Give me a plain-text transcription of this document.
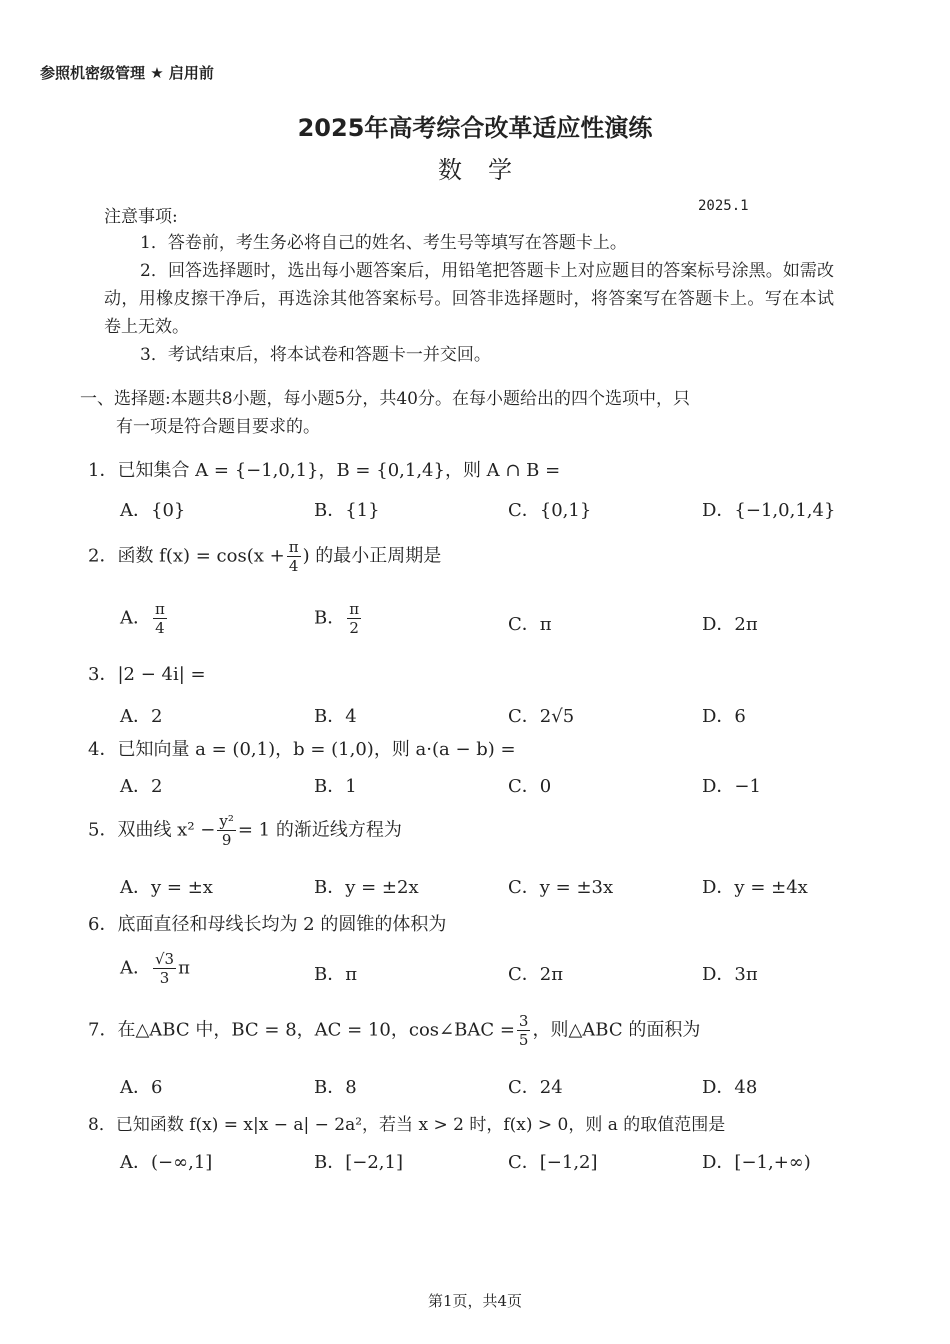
参照机密级管理 ★ 启用前
2025年高考综合改革适应性演练
数学
2025.1
注意事项:
1．答卷前，考生务必将自己的姓名、考生号等填写在答题卡上。
2．回答选择题时，选出每小题答案后，用铅笔把答题卡上对应题目的答案标号涂黑。如需改动，用橡皮擦干净后，再选涂其他答案标号。回答非选择题时，将答案写在答题卡上。写在本试卷上无效。
3．考试结束后，将本试卷和答题卡一并交回。
一、选择题:本题共8小题，每小题5分，共40分。在每小题给出的四个选项中，只
有一项是符合题目要求的。
1．已知集合 A = {−1,0,1}，B = {0,1,4}，则 A ∩ B =
A．{0}	B．{1}	C．{0,1}	D．{−1,0,1,4}
2．函数 $f(x) = \cos(x + \frac{\pi}{4}$ ) 的最小正周期是
A． $\frac{\pi}{4}$	B． $\frac{\pi}{2}$	C．π	D．2π
3．|2 − 4i| =
A．2	B．4	C．2√5	D．6
4．已知向量 a = (0,1)，b = (1,0)，则 a·(a − b) =
A．2	B．1	C．0	D．−1
5．双曲线 $x^2 - \frac{\text{y²}}{9} = 1$ 的渐近线方程为
A．y = ±x	B．y = ±2x	C．y = ±3x	D．y = ±4x
6．底面直径和母线长均为 2 的圆锥的体积为
A． $\frac{√3}{3}$ π	B．π	C．2π	D．3π
7．在△ABC 中，BC = 8，AC = 10，cos∠BAC = $\frac{3}{5}$ ，则△ABC 的面积为
A．6	B．8	C．24	D．48
8．已知函数 f(x) = x|x − a| − 2a²，若当 x > 2 时，f(x) > 0，则 a 的取值范围是
A．(−∞,1]	B．[−2,1]	C．[−1,2]	D．[−1,+∞)
第1页，共4页
